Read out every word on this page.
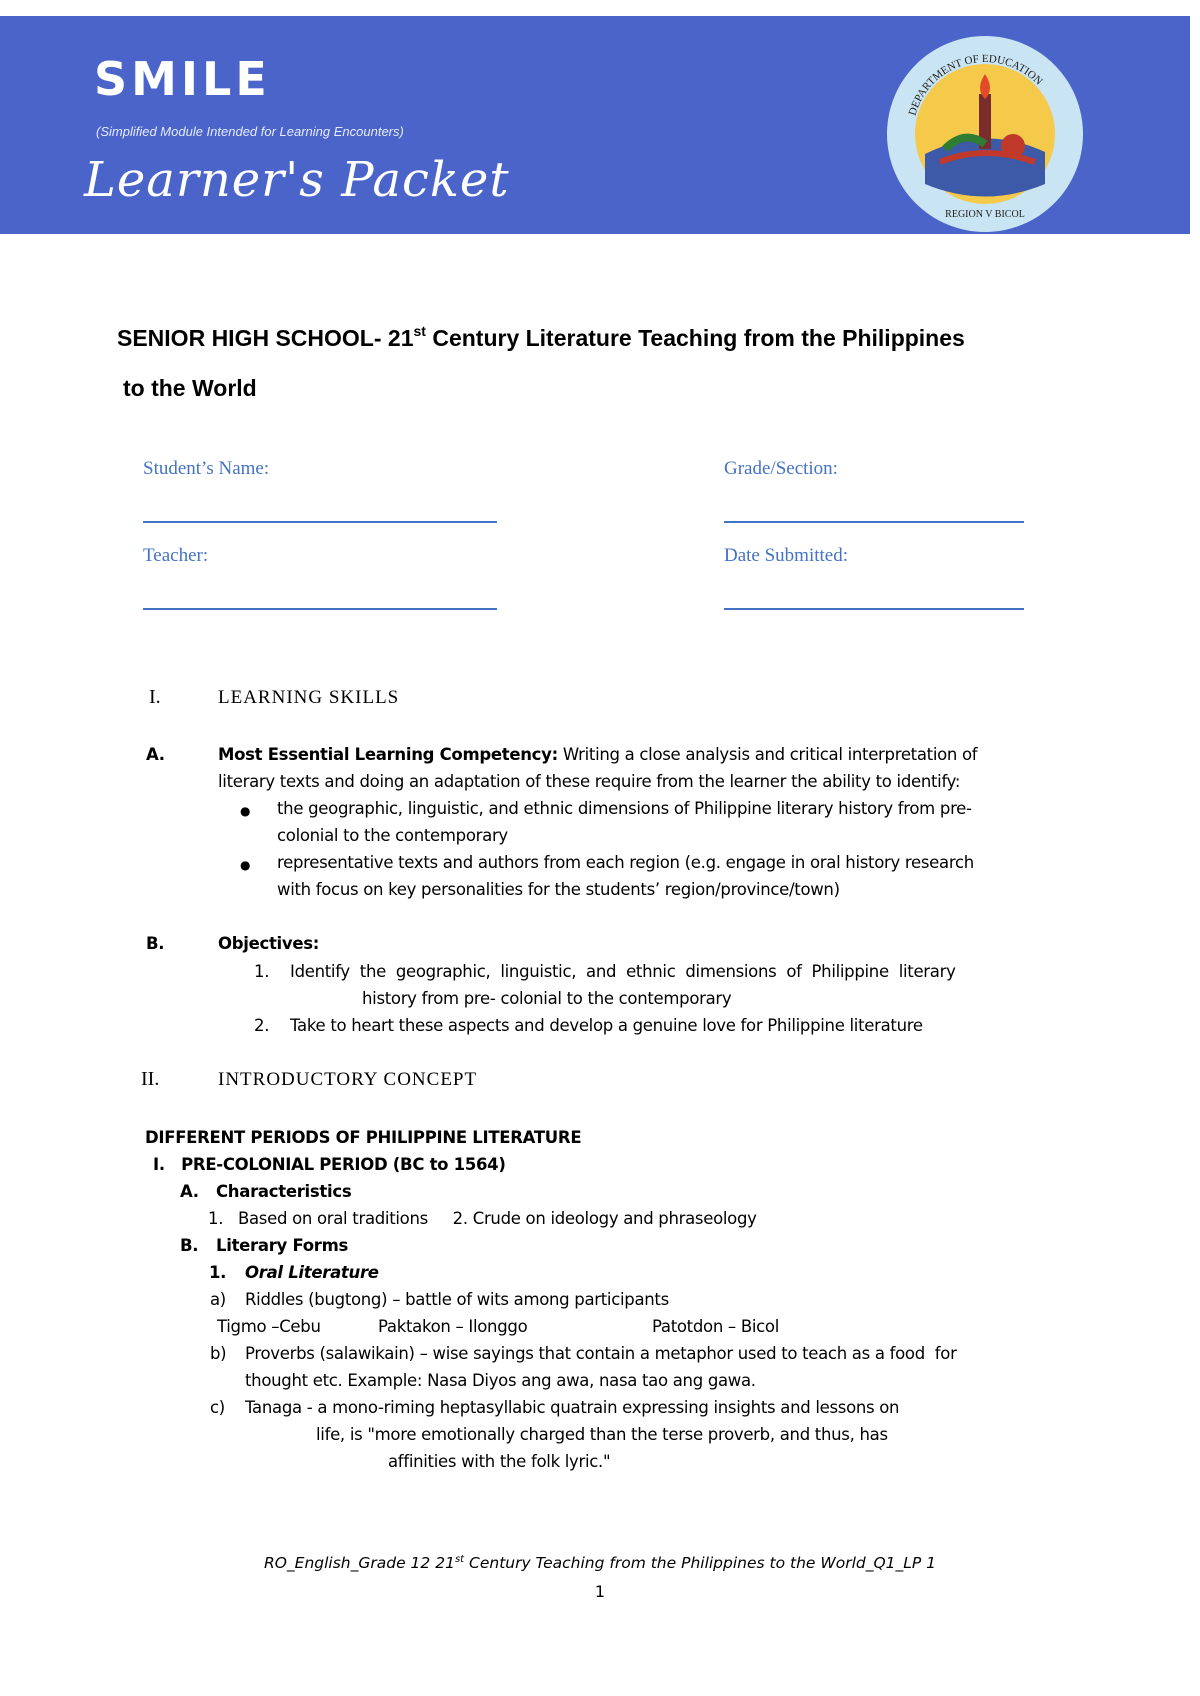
SMILE
(Simplified Module Intended for Learning Encounters)
Learner's Packet
DEPARTMENT OF EDUCATION
REGION V BICOL
SENIOR HIGH SCHOOL- 21st Century Literature Teaching from the Philippines
to the World
Student’s Name:	Grade/Section:
Teacher:	Date Submitted:
I.	LEARNING SKILLS
A.	Most Essential Learning Competency: Writing a close analysis and critical interpretation of
literary texts and doing an adaptation of these require from the learner the ability to identify:
● the geographic, linguistic, and ethnic dimensions of Philippine literary history from pre-
colonial to the contemporary
● representative texts and authors from each region (e.g. engage in oral history research
with focus on key personalities for the students’ region/province/town)
B.	Objectives:
1. Identify  the  geographic,  linguistic,  and  ethnic  dimensions  of  Philippine  literary
history from pre- colonial to the contemporary
2. Take to heart these aspects and develop a genuine love for Philippine literature
II.	INTRODUCTORY CONCEPT
DIFFERENT PERIODS OF PHILIPPINE LITERATURE
I.   PRE-COLONIAL PERIOD (BC to 1564)
A. Characteristics
1.   Based on oral traditions     2. Crude on ideology and phraseology
B. Literary Forms
1. Oral Literature
a) Riddles (bugtong) – battle of wits among participants
Tigmo –Cebu	Paktakon – Ilonggo	Patotdon – Bicol
b) Proverbs (salawikain) – wise sayings that contain a metaphor used to teach as a food  for
thought etc. Example: Nasa Diyos ang awa, nasa tao ang gawa.
c) Tanaga - a mono-riming heptasyllabic quatrain expressing insights and lessons on
life, is "more emotionally charged than the terse proverb, and thus, has
affinities with the folk lyric."
RO_English_Grade 12 21st Century Teaching from the Philippines to the World_Q1_LP 1
1
